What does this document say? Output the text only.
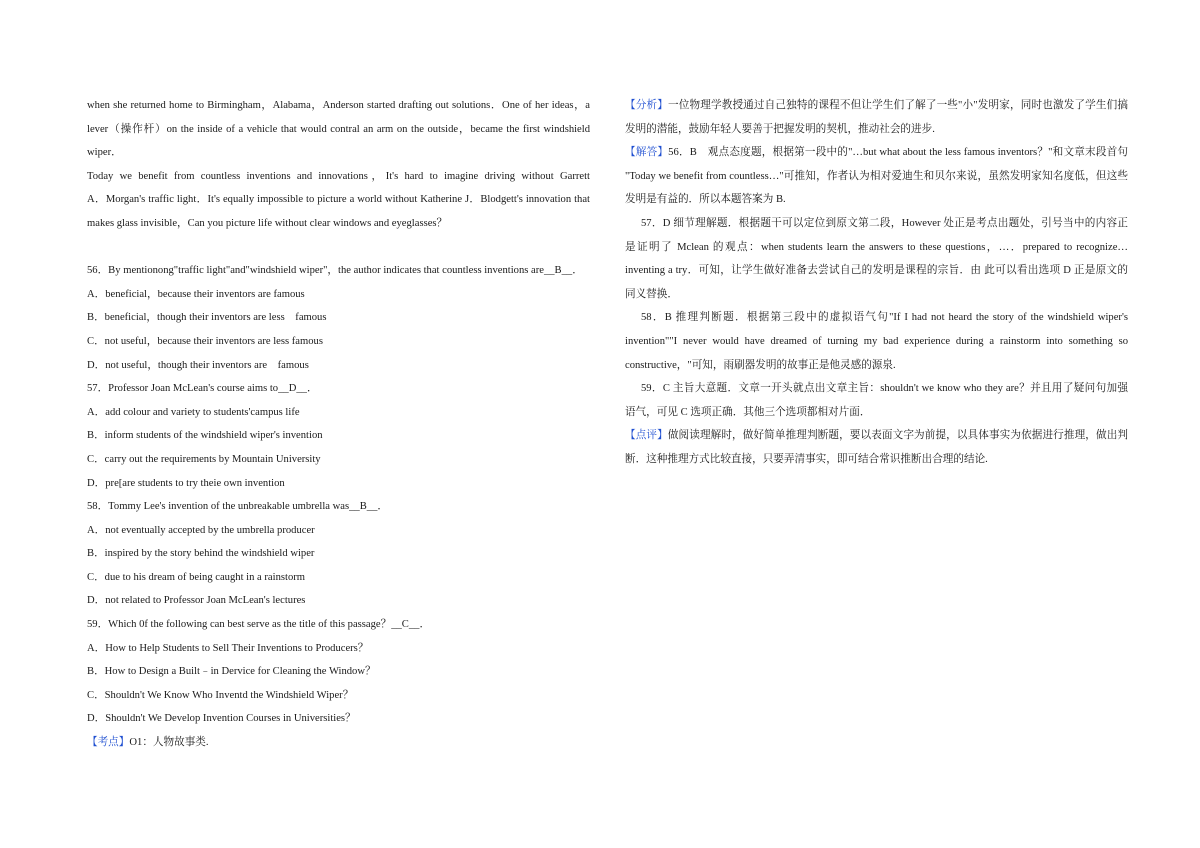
when she returned home to Birmingham，Alabama，Anderson started drafting out solutions．One of her ideas，a

lever（操作杆）on the inside of a vehicle that would contral an arm on the outside，became the first windshield

wiper．

Today we benefit from countless inventions and innovations，It's hard to imagine driving without Garrett

A．Morgan's traffic light．It's equally impossible to picture a world without Katherine J．Blodgett's innovation that

makes glass invisible，Can you picture life without clear windows and eyeglasses？

56．By mentionong"traffic light"and"windshield wiper"，the author indicates that countless inventions are__B__．

A．beneficial，because their inventors are famous

B．beneficial，though their inventors are less　famous

C．not useful，because their inventors are less famous

D．not useful，though their inventors are　famous

57．Professor Joan McLean's course aims to__D__．

A．add colour and variety to students'campus life

B．inform students of the windshield wiper's invention

C．carry out the requirements by Mountain University

D．pre[are students to try theie own invention

58．Tommy Lee's invention of the unbreakable umbrella was__B__．

A．not eventually accepted by the umbrella producer

B．inspired by the story behind the windshield wiper

C．due to his dream of being caught in a rainstorm

D．not related to Professor Joan McLean's lectures

59．Which 0f the following can best serve as the title of this passage？__C__．

A．How to Help Students to Sell Their Inventions to Producers？

B．How to Design a Built﹣in Dervice for Cleaning the Window？

C．Shouldn't We Know Who Inventd the Windshield Wiper？

D．Shouldn't We Develop Invention Courses in Universities？

【考点】O1：人物故事类.

【分析】一位物理学教授通过自己独特的课程不但让学生们了解了一些"小"发明家，同时也激发了学生们搞

发明的潜能，鼓励年轻人要善于把握发明的契机，推动社会的进步.

【解答】56．B　观点态度题，根据第一段中的"…but what about the less famous inventors？"和文章末段首句

"Today we benefit from countless…"可推知，作者认为相对爱迪生和贝尔来说，虽然发明家知名度低，但这些

发明是有益的．所以本题答案为 B.

57．D 细节理解题．根据题干可以定位到原文第二段，However 处正是考点出题处，引号当中的内容正

是证明了 Mclean 的观点：when students learn the answers to these questions，…．prepared to recognize…

inventing a try．可知，让学生做好准备去尝试自己的发明是课程的宗旨．由 此可以看出选项 D 正是原文的

同义替换．

58．B 推理判断题．根据第三段中的虚拟语气句"If I had not heard the story of the windshield wiper's

invention""I never would have dreamed of turning my bad experience during a rainstorm into something so

constructive，"可知，雨刷器发明的故事正是他灵感的源泉.

59．C 主旨大意题．文章一开头就点出文章主旨：shouldn't we know who they are？并且用了疑问句加强

语气，可见 C 选项正确．其他三个选项都相对片面．

【点评】做阅读理解时，做好简单推理判断题，要以表面文字为前提，以具体事实为依据进行推理，做出判

断．这种推理方式比较直接，只要弄清事实，即可结合常识推断出合理的结论.
